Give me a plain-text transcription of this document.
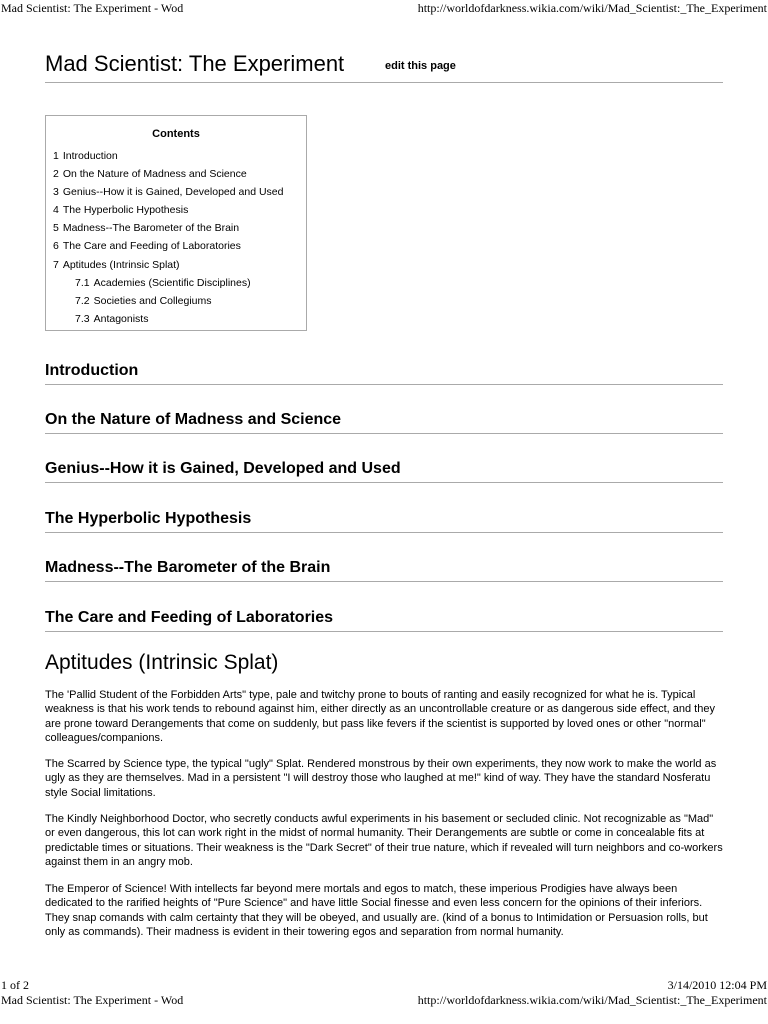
Mad Scientist: The Experiment - Wod	http://worldofdarkness.wikia.com/wiki/Mad_Scientist:_The_Experiment
Mad Scientist: The Experiment	edit this page
Contents
1 Introduction
2 On the Nature of Madness and Science
3 Genius--How it is Gained, Developed and Used
4 The Hyperbolic Hypothesis
5 Madness--The Barometer of the Brain
6 The Care and Feeding of Laboratories
7 Aptitudes (Intrinsic Splat)
7.1 Academies (Scientific Disciplines)
7.2 Societies and Collegiums
7.3 Antagonists
Introduction
On the Nature of Madness and Science
Genius--How it is Gained, Developed and Used
The Hyperbolic Hypothesis
Madness--The Barometer of the Brain
The Care and Feeding of Laboratories
Aptitudes (Intrinsic Splat)

The 'Pallid Student of the Forbidden Arts" type, pale and twitchy prone to bouts of ranting and easily recognized for what he is. Typical weakness is that his work tends to rebound against him, either directly as an uncontrollable creature or as dangerous side effect, and they are prone toward Derangements that come on suddenly, but pass like fevers if the scientist is supported by loved ones or other "normal" colleagues/companions.

The Scarred by Science type, the typical "ugly" Splat. Rendered monstrous by their own experiments, they now work to make the world as ugly as they are themselves. Mad in a persistent "I will destroy those who laughed at me!" kind of way. They have the standard Nosferatu style Social limitations.

The Kindly Neighborhood Doctor, who secretly conducts awful experiments in his basement or secluded clinic. Not recognizable as "Mad" or even dangerous, this lot can work right in the midst of normal humanity. Their Derangements are subtle or come in concealable fits at predictable times or situations. Their weakness is the "Dark Secret" of their true nature, which if revealed will turn neighbors and co-workers against them in an angry mob.

The Emperor of Science! With intellects far beyond mere mortals and egos to match, these imperious Prodigies have always been dedicated to the rarified heights of "Pure Science" and have little Social finesse and even less concern for the opinions of their inferiors. They snap comands with calm certainty that they will be obeyed, and usually are. (kind of a bonus to Intimidation or Persuasion rolls, but only as commands). Their madness is evident in their towering egos and separation from normal humanity.

1 of 2	3/14/2010 12:04 PM
Mad Scientist: The Experiment - Wod	http://worldofdarkness.wikia.com/wiki/Mad_Scientist:_The_Experiment
